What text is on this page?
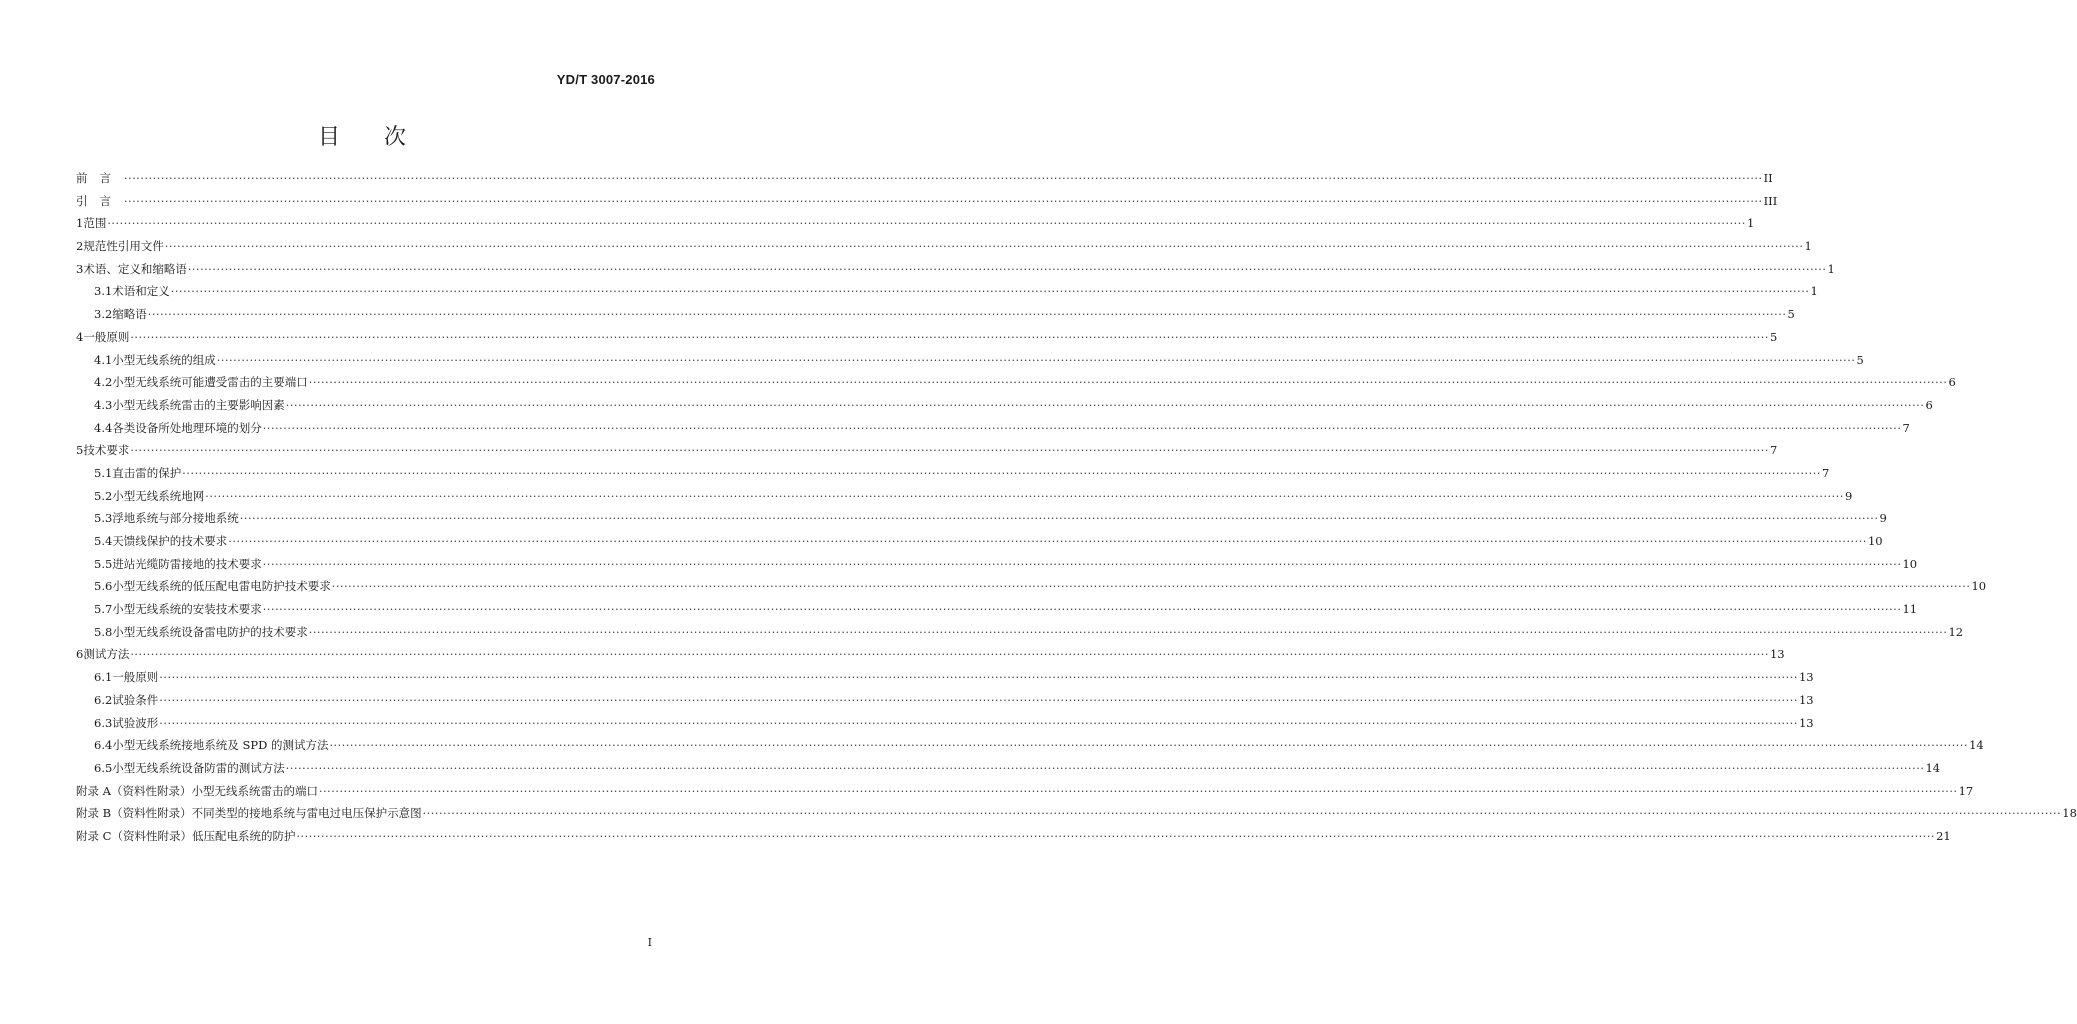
YD/T 3007-2016
目次
前言 ················································································································································································································································································································································································································ II
引言 ················································································································································································································································································································································································································ III
1 范围 ················································································································································································································································································································································································································ 1
2 规范性引用文件 ················································································································································································································································································································································································································ 1
3 术语、定义和缩略语 ················································································································································································································································································································································································································ 1
3.1 术语和定义 ················································································································································································································································································································································································································ 1
3.2 缩略语 ················································································································································································································································································································································································································ 5
4 一般原则 ················································································································································································································································································································································································································ 5
4.1 小型无线系统的组成 ················································································································································································································································································································································································································ 5
4.2 小型无线系统可能遭受雷击的主要端口 ················································································································································································································································································································································································································ 6
4.3 小型无线系统雷击的主要影响因素 ················································································································································································································································································································································································································ 6
4.4 各类设备所处地理环境的划分 ················································································································································································································································································································································································································ 7
5 技术要求 ················································································································································································································································································································································································································ 7
5.1 直击雷的保护 ················································································································································································································································································································································································································ 7
5.2 小型无线系统地网 ················································································································································································································································································································································································································ 9
5.3 浮地系统与部分接地系统 ················································································································································································································································································································································································································ 9
5.4 天馈线保护的技术要求 ················································································································································································································································································································································································································ 10
5.5 进站光缆防雷接地的技术要求 ················································································································································································································································································································································································································ 10
5.6 小型无线系统的低压配电雷电防护技术要求 ················································································································································································································································································································································································································ 10
5.7 小型无线系统的安装技术要求 ················································································································································································································································································································································································································ 11
5.8 小型无线系统设备雷电防护的技术要求 ················································································································································································································································································································································································································ 12
6 测试方法 ················································································································································································································································································································································································································ 13
6.1 一般原则 ················································································································································································································································································································································································································ 13
6.2 试验条件 ················································································································································································································································································································································································································ 13
6.3 试验波形 ················································································································································································································································································································································································································ 13
6.4 小型无线系统接地系统及 SPD 的测试方法 ················································································································································································································································································································································································································ 14
6.5 小型无线系统设备防雷的测试方法 ················································································································································································································································································································································································································ 14
附录 A（资料性附录）小型无线系统雷击的端口 ················································································································································································································································································································································································································ 17
附录 B（资料性附录）不同类型的接地系统与雷电过电压保护示意图 ················································································································································································································································································································································································································ 18
附录 C（资料性附录）低压配电系统的防护 ················································································································································································································································································································································································································ 21
I
